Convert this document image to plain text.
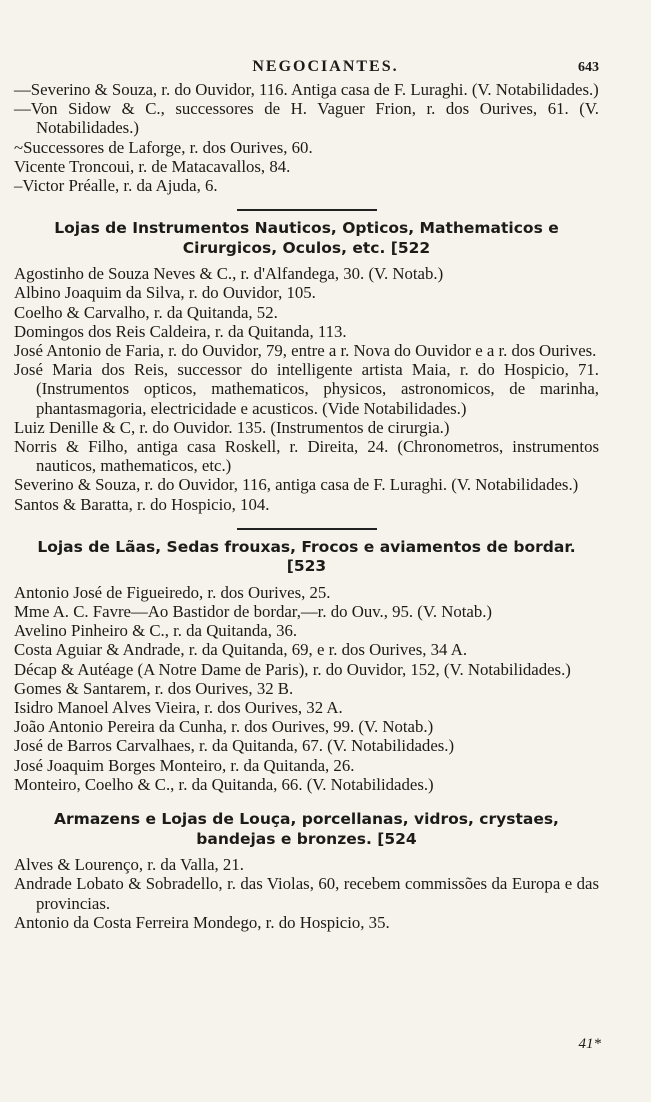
NEGOCIANTES.	643
—Severino & Souza, r. do Ouvidor, 116. Antiga casa de F. Luraghi. (V. Notabilidades.)
—Von Sidow & C., successores de H. Vaguer Frion, r. dos Ourives, 61. (V. Notabilidades.)
~Successores de Laforge, r. dos Ourives, 60.
Vicente Troncoui, r. de Matacavallos, 84.
–Victor Préalle, r. da Ajuda, 6.
Lojas de Instrumentos Nauticos, Opticos, Mathematicos e Cirurgicos, Oculos, etc. [522
Agostinho de Souza Neves & C., r. d'Alfandega, 30. (V. Notab.)
Albino Joaquim da Silva, r. do Ouvidor, 105.
Coelho & Carvalho, r. da Quitanda, 52.
Domingos dos Reis Caldeira, r. da Quitanda, 113.
José Antonio de Faria, r. do Ouvidor, 79, entre a r. Nova do Ouvidor e a r. dos Ourives.
José Maria dos Reis, successor do intelligente artista Maia, r. do Hospicio, 71. (Instrumentos opticos, mathematicos, physicos, astronomicos, de marinha, phantasmagoria, electricidade e acusticos. (Vide Notabilidades.)
Luiz Denille & C, r. do Ouvidor. 135. (Instrumentos de cirurgia.)
Norris & Filho, antiga casa Roskell, r. Direita, 24. (Chronometros, instrumentos nauticos, mathematicos, etc.)
Severino & Souza, r. do Ouvidor, 116, antiga casa de F. Luraghi. (V. Notabilidades.)
Santos & Baratta, r. do Hospicio, 104.
Lojas de Lãas, Sedas frouxas, Frocos e aviamentos de bordar. [523
Antonio José de Figueiredo, r. dos Ourives, 25.
Mme A. C. Favre—Ao Bastidor de bordar,—r. do Ouv., 95. (V. Notab.)
Avelino Pinheiro & C., r. da Quitanda, 36.
Costa Aguiar & Andrade, r. da Quitanda, 69, e r. dos Ourives, 34 A.
Décap & Autéage (A Notre Dame de Paris), r. do Ouvidor, 152, (V. Notabilidades.)
Gomes & Santarem, r. dos Ourives, 32 B.
Isidro Manoel Alves Vieira, r. dos Ourives, 32 A.
João Antonio Pereira da Cunha, r. dos Ourives, 99. (V. Notab.)
José de Barros Carvalhaes, r. da Quitanda, 67. (V. Notabilidades.)
José Joaquim Borges Monteiro, r. da Quitanda, 26.
Monteiro, Coelho & C., r. da Quitanda, 66. (V. Notabilidades.)
Armazens e Lojas de Louça, porcellanas, vidros, crystaes, bandejas e bronzes. [524
Alves & Lourenço, r. da Valla, 21.
Andrade Lobato & Sobradello, r. das Violas, 60, recebem commissões da Europa e das provincias.
Antonio da Costa Ferreira Mondego, r. do Hospicio, 35.
41*
